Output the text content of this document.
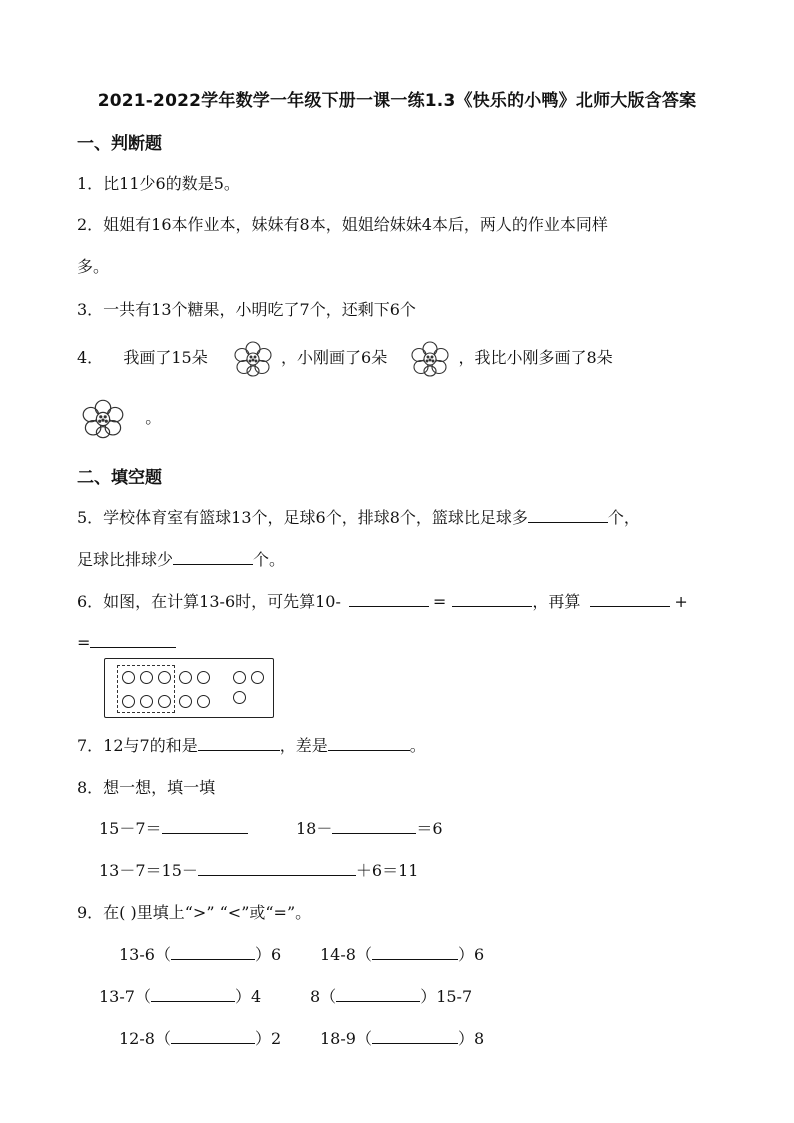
2021-2022学年数学一年级下册一课一练1.3《快乐的小鸭》北师大版含答案
一、判断题
1．比11少6的数是5。
2．姐姐有16本作业本，妹妹有8本，姐姐给妹妹4本后，两人的作业本同样
多。
3．一共有13个糖果，小明吃了7个，还剩下6个
4． 我画了15朵	，小刚画了6朵	，我比小刚多画了8朵
。
二、填空题
5．学校体育室有篮球13个，足球6个，排球8个，篮球比足球多	个，
足球比排球少	个。
6．如图，在计算13-6时，可先算10-	=	，再算	+
=
7．12与7的和是	，差是	。
8．想一想，填一填
15－7＝	18－	＝6
13－7＝15－	＋6＝11
9．在( )里填上“>” “<”或“=”。
13-6（	）6 14-8（	）6
13-7（	）4	8（	）15-7
12-8（	）2 18-9（	）8
